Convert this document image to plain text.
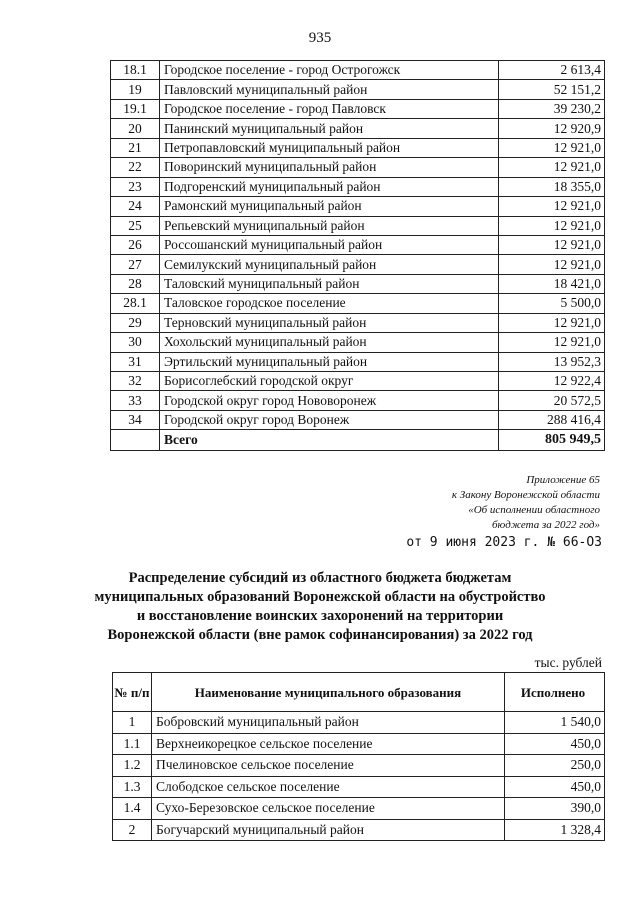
935
18.1	Городское поселение - город Острогожск	2 613,4
19	Павловский муниципальный район	52 151,2
19.1	Городское поселение - город Павловск	39 230,2
20	Панинский муниципальный район	12 920,9
21	Петропавловский муниципальный район	12 921,0
22	Поворинский муниципальный район	12 921,0
23	Подгоренский муниципальный район	18 355,0
24	Рамонский муниципальный район	12 921,0
25	Репьевский муниципальный район	12 921,0
26	Россошанский муниципальный район	12 921,0
27	Семилукский муниципальный район	12 921,0
28	Таловский муниципальный район	18 421,0
28.1	Таловское городское поселение	5 500,0
29	Терновский муниципальный район	12 921,0
30	Хохольский муниципальный район	12 921,0
31	Эртильский муниципальный район	13 952,3
32	Борисоглебский городской округ	12 922,4
33	Городской округ город Нововоронеж	20 572,5
34	Городской округ город Воронеж	288 416,4
	Всего	805 949,5
Приложение 65
к Закону Воронежской области
«Об исполнении областного
бюджета за 2022 год»
от 9 июня 2023 г. № 66-ОЗ
Распределение субсидий из областного бюджета бюджетам
муниципальных образований Воронежской области на обустройство
и восстановление воинских захоронений на территории
Воронежской области (вне рамок софинансирования) за 2022 год
тыс. рублей
№ п/п	Наименование муниципального образования	Исполнено
1	Бобровский муниципальный район	1 540,0
1.1	Верхнеикорецкое сельское поселение	450,0
1.2	Пчелиновское сельское поселение	250,0
1.3	Слободское сельское поселение	450,0
1.4	Сухо-Березовское сельское поселение	390,0
2	Богучарский муниципальный район	1 328,4
